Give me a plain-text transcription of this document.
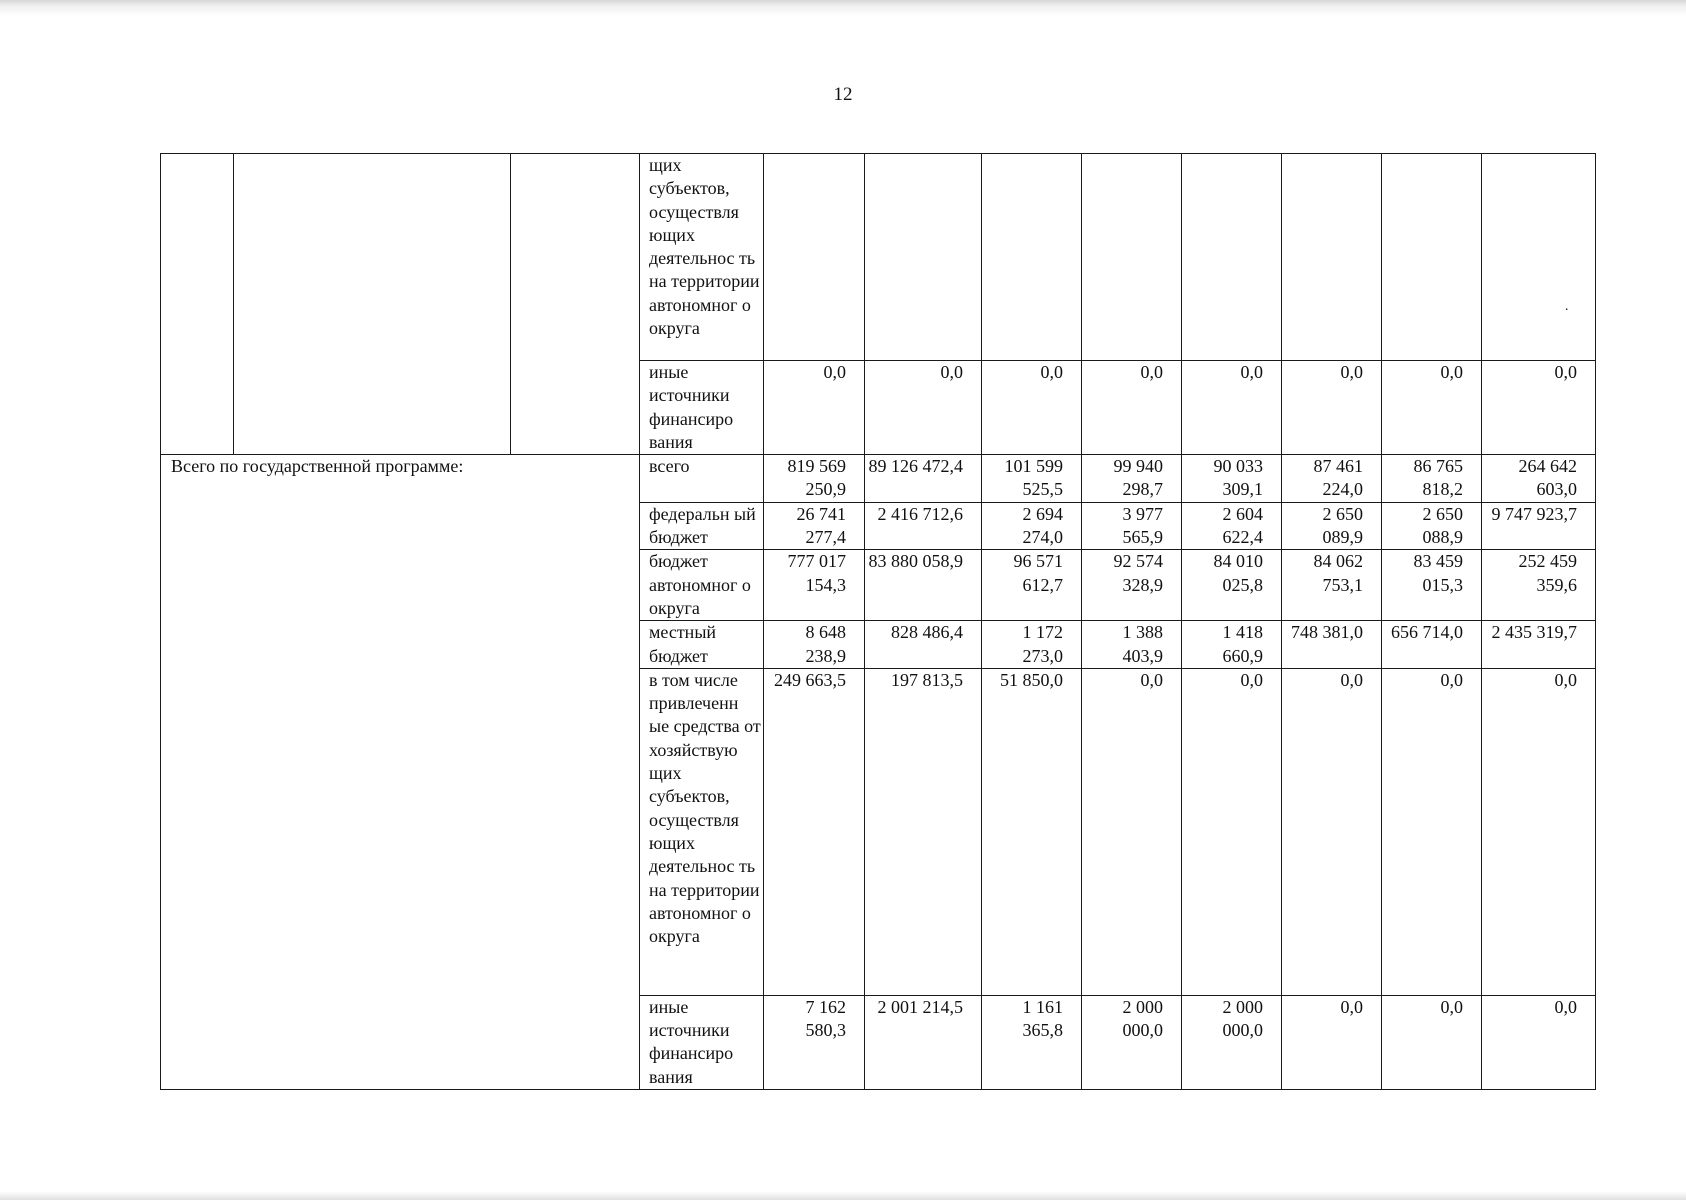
12
			щих субъектов, осуществля ющих деятельнос ть на территории автономног о округа								·

			иные источники финансиро вания	0,0	0,0	0,0	0,0	0,0	0,0	0,0	0,0
Всего по государственной программе:			всего	819 569 250,9	89 126 472,4	101 599 525,5	99 940 298,7	90 033 309,1	87 461 224,0	86 765 818,2	264 642 603,0
			федеральн ый бюджет	26 741 277,4	2 416 712,6	2 694 274,0	3 977 565,9	2 604 622,4	2 650 089,9	2 650 088,9	9 747 923,7
			бюджет автономног о округа	777 017 154,3	83 880 058,9	96 571 612,7	92 574 328,9	84 010 025,8	84 062 753,1	83 459 015,3	252 459 359,6
			местный бюджет	8 648 238,9	828 486,4	1 172 273,0	1 388 403,9	1 418 660,9	748 381,0	656 714,0	2 435 319,7
			в том числе привлеченн ые средства от хозяйствую щих субъектов, осуществля ющих деятельнос ть на территории автономног о округа	249 663,5	197 813,5	51 850,0	0,0	0,0	0,0	0,0	0,0
			иные источники финансиро вания	7 162 580,3	2 001 214,5	1 161 365,8	2 000 000,0	2 000 000,0	0,0	0,0	0,0
